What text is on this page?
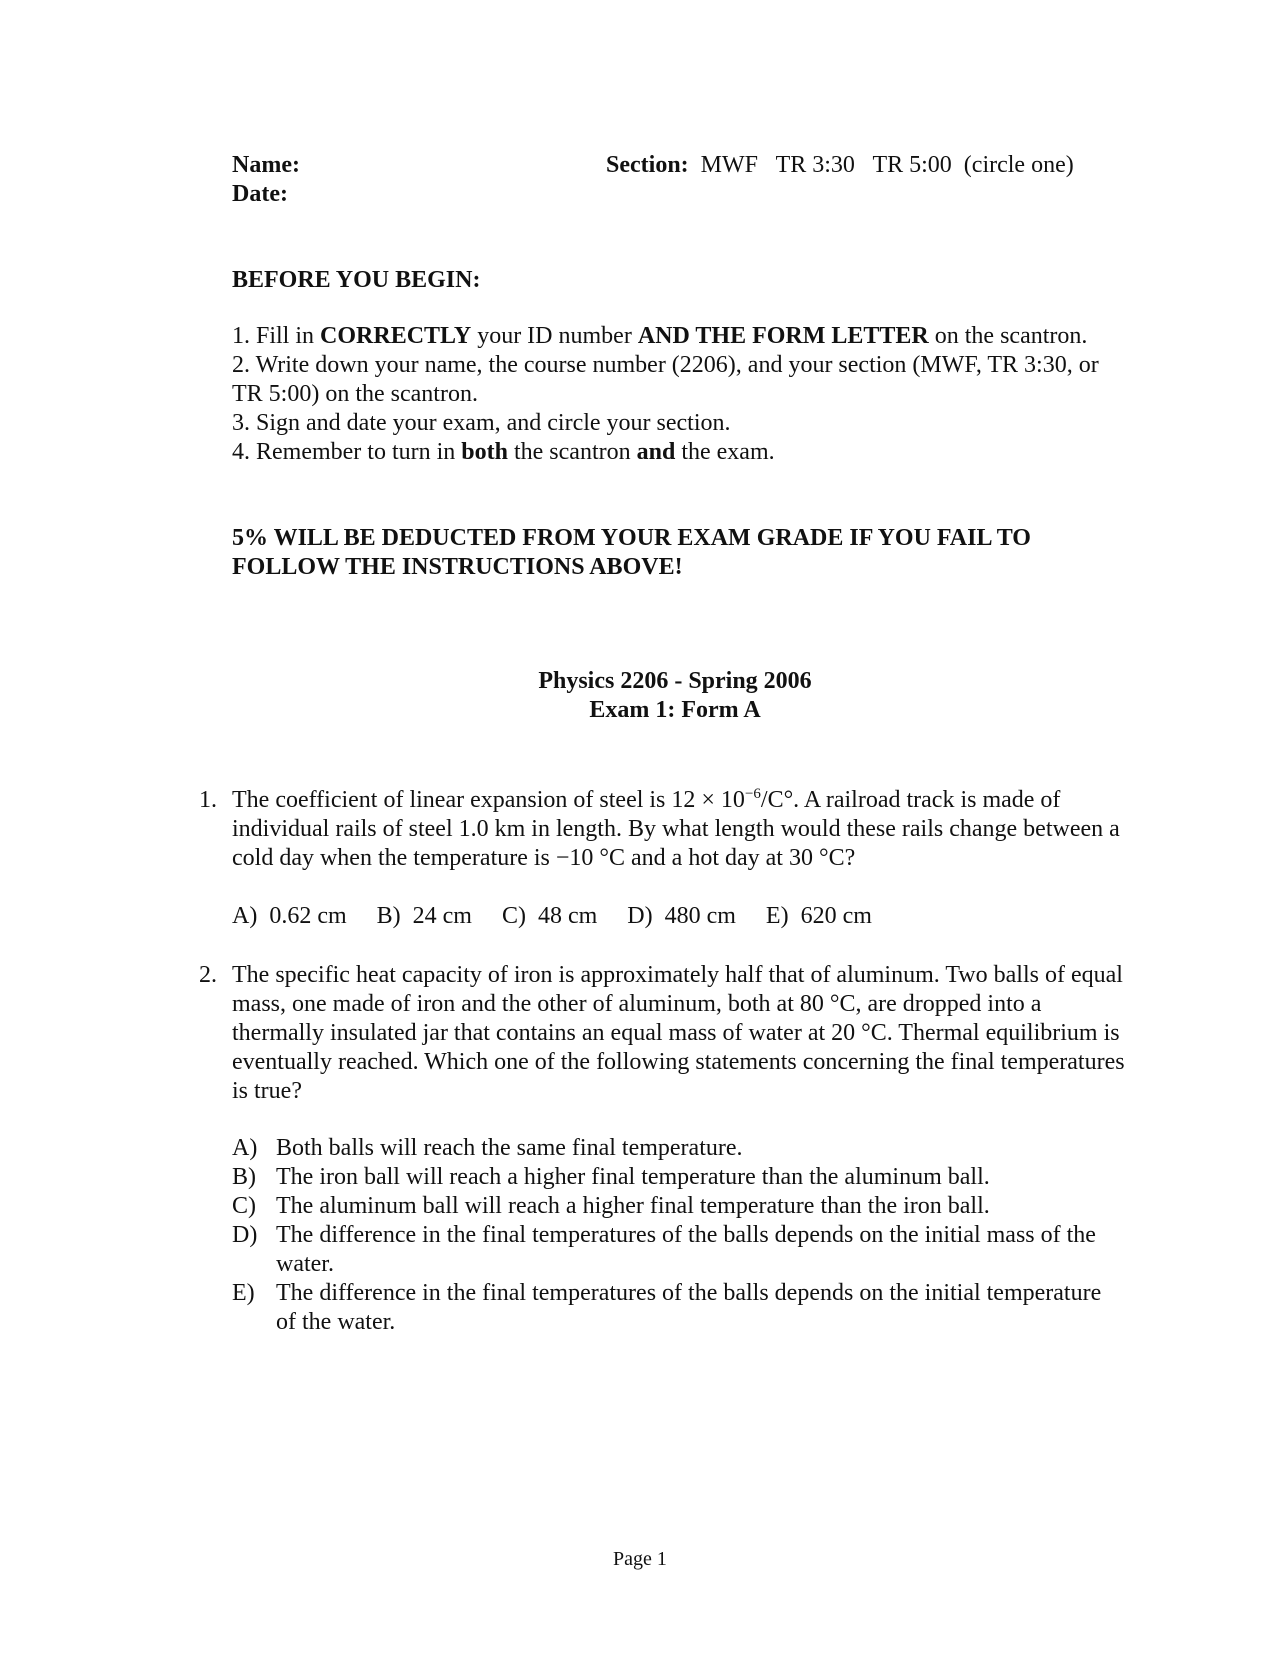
Name:
Date:
Section:  MWF   TR 3:30   TR 5:00  (circle one)
BEFORE YOU BEGIN:

1. Fill in CORRECTLY your ID number AND THE FORM LETTER on the scantron.

2. Write down your name, the course number (2206), and your section (MWF, TR 3:30, or TR 5:00) on the scantron.

3. Sign and date your exam, and circle your section.

4. Remember to turn in both the scantron and the exam.

5% WILL BE DEDUCTED FROM YOUR EXAM GRADE IF YOU FAIL TO FOLLOW THE INSTRUCTIONS ABOVE!
Physics 2206 - Spring 2006
Exam 1: Form A
1. The coefficient of linear expansion of steel is $12 \times 10^{-6}/C^\circ$. A railroad track is made of individual rails of steel 1.0 km in length. By what length would these rails change between a cold day when the temperature is −10 °C and a hot day at 30 °C?
A)  0.62 cm     B)  24 cm     C)  48 cm     D)  480 cm     E)  620 cm
2. The specific heat capacity of iron is approximately half that of aluminum. Two balls of equal mass, one made of iron and the other of aluminum, both at 80 °C, are dropped into a thermally insulated jar that contains an equal mass of water at 20 °C. Thermal equilibrium is eventually reached. Which one of the following statements concerning the final temperatures is true?
A) Both balls will reach the same final temperature.
B) The iron ball will reach a higher final temperature than the aluminum ball.
C) The aluminum ball will reach a higher final temperature than the iron ball.
D) The difference in the final temperatures of the balls depends on the initial mass of the water.
E) The difference in the final temperatures of the balls depends on the initial temperature of the water.
Page 1
